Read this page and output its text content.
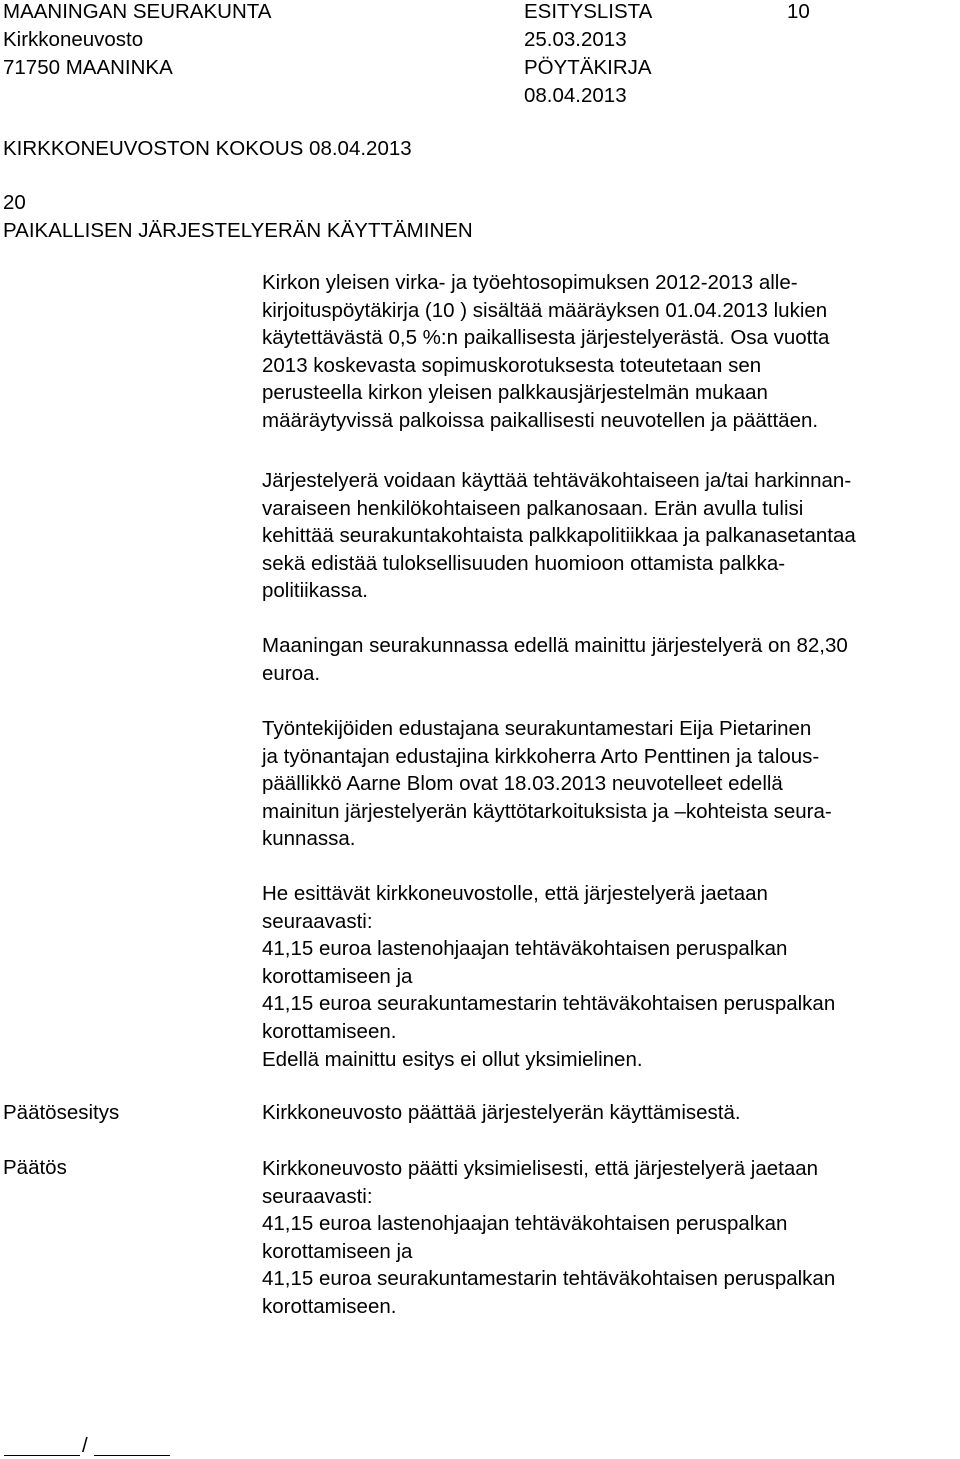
MAANINGAN SEURAKUNTA
Kirkkoneuvosto
71750 MAANINKA
ESITYSLISTA
25.03.2013
PÖYTÄKIRJA
08.04.2013
10
KIRKKONEUVOSTON KOKOUS 08.04.2013
20
PAIKALLISEN JÄRJESTELYERÄN KÄYTTÄMINEN
Kirkon yleisen virka- ja työehtosopimuksen 2012-2013 alle-
kirjoituspöytäkirja (10 ) sisältää määräyksen 01.04.2013 lukien
käytettävästä 0,5 %:n paikallisesta järjestelyerästä. Osa vuotta
2013 koskevasta sopimuskorotuksesta toteutetaan sen
perusteella kirkon yleisen palkkausjärjestelmän mukaan
määräytyvissä palkoissa paikallisesti neuvotellen ja päättäen.
Järjestelyerä voidaan käyttää tehtäväkohtaiseen ja/tai harkinnan-
varaiseen henkilökohtaiseen palkanosaan. Erän avulla tulisi
kehittää seurakuntakohtaista palkkapolitiikkaa ja palkanasetantaa
sekä edistää tuloksellisuuden huomioon ottamista palkka-
politiikassa.
Maaningan seurakunnassa edellä mainittu järjestelyerä on 82,30
euroa.
Työntekijöiden edustajana seurakuntamestari Eija Pietarinen
ja työnantajan edustajina kirkkoherra Arto Penttinen ja talous-
päällikkö Aarne Blom ovat 18.03.2013 neuvotelleet edellä
mainitun järjestelyerän käyttötarkoituksista ja –kohteista seura-
kunnassa.
He esittävät kirkkoneuvostolle, että järjestelyerä jaetaan
seuraavasti:
41,15 euroa lastenohjaajan tehtäväkohtaisen peruspalkan
korottamiseen ja
41,15 euroa seurakuntamestarin tehtäväkohtaisen peruspalkan
korottamiseen.
Edellä mainittu esitys ei ollut yksimielinen.
Päätösesitys	Kirkkoneuvosto päättää järjestelyerän käyttämisestä.
Päätös	Kirkkoneuvosto päätti yksimielisesti, että järjestelyerä jaetaan
seuraavasti:
41,15 euroa lastenohjaajan tehtäväkohtaisen peruspalkan
korottamiseen ja
41,15 euroa seurakuntamestarin tehtäväkohtaisen peruspalkan
korottamiseen.
/
